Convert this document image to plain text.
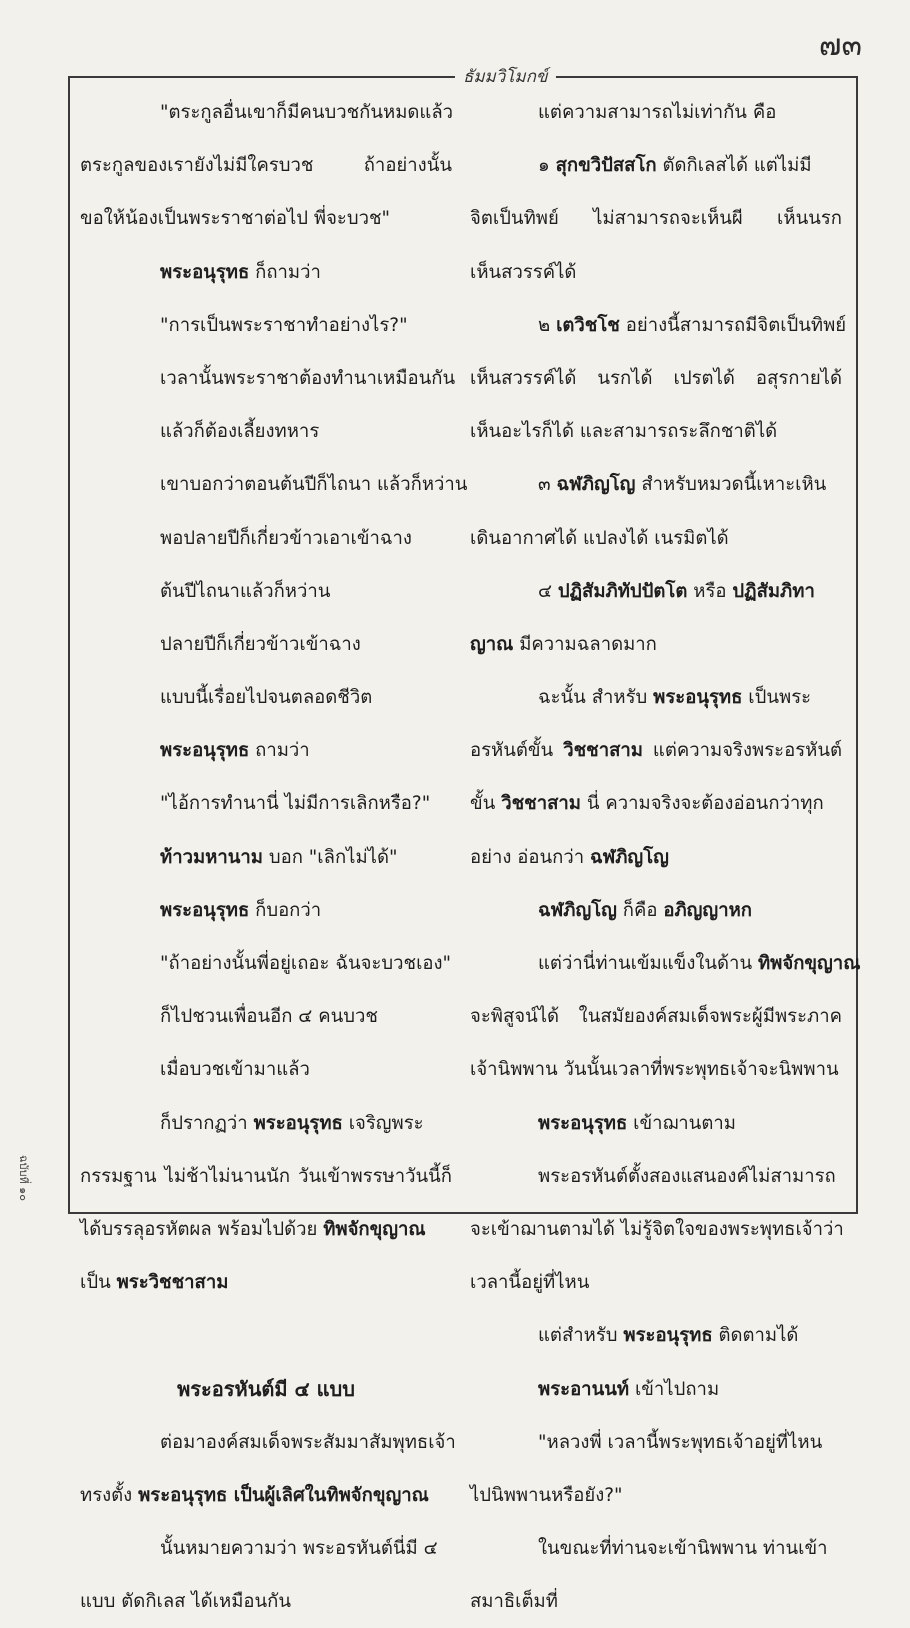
๗๓
ธัมมวิโมกข์
"ตระกูลอื่นเขาก็มีคนบวชกันหมดแล้ว
ตระกูลของเรายังไม่มีใครบวช ถ้าอย่างนั้น
ขอให้น้องเป็นพระราชาต่อไป พี่จะบวช"
พระอนุรุทธ ก็ถามว่า
"การเป็นพระราชาทำอย่างไร?"
เวลานั้นพระราชาต้องทำนาเหมือนกัน
แล้วก็ต้องเลี้ยงทหาร
เขาบอกว่าตอนต้นปีก็ไถนา แล้วก็หว่าน
พอปลายปีก็เกี่ยวข้าวเอาเข้าฉาง
ต้นปีไถนาแล้วก็หว่าน
ปลายปีก็เกี่ยวข้าวเข้าฉาง
แบบนี้เรื่อยไปจนตลอดชีวิต
พระอนุรุทธ ถามว่า
"ไอ้การทำนานี่ ไม่มีการเลิกหรือ?"
ท้าวมหานาม บอก "เลิกไม่ได้"
พระอนุรุทธ ก็บอกว่า
"ถ้าอย่างนั้นพี่อยู่เถอะ ฉันจะบวชเอง"
ก็ไปชวนเพื่อนอีก ๔ คนบวช
เมื่อบวชเข้ามาแล้ว
ก็ปรากฏว่า พระอนุรุทธ เจริญพระ
กรรมฐาน ไม่ช้าไม่นานนัก วันเข้าพรรษาวันนี้ก็
ได้บรรลุอรหัตผล พร้อมไปด้วย ทิพจักขุญาณ
เป็น พระวิชชาสาม
พระอรหันต์มี ๔ แบบ
ต่อมาองค์สมเด็จพระสัมมาสัมพุทธเจ้า
ทรงตั้ง พระอนุรุทธ เป็นผู้เลิศในทิพจักขุญาณ
นั้นหมายความว่า พระอรหันต์นี่มี ๔
แบบ ตัดกิเลส ได้เหมือนกัน
แต่ความสามารถไม่เท่ากัน คือ
๑ สุกขวิปัสสโก ตัดกิเลสได้ แต่ไม่มี
จิตเป็นทิพย์ ไม่สามารถจะเห็นผี เห็นนรก
เห็นสวรรค์ได้
๒ เตวิชโช อย่างนี้สามารถมีจิตเป็นทิพย์
เห็นสวรรค์ได้ นรกได้ เปรตได้ อสุรกายได้
เห็นอะไรก็ได้ และสามารถระลึกชาติได้
๓ ฉฬภิญโญ สำหรับหมวดนี้เหาะเหิน
เดินอากาศได้ แปลงได้ เนรมิตได้
๔ ปฏิสัมภิทัปปัตโต หรือ ปฏิสัมภิทา
ญาณ มีความฉลาดมาก
ฉะนั้น สำหรับ พระอนุรุทธ เป็นพระ
อรหันต์ขั้น วิชชาสาม แต่ความจริงพระอรหันต์
ขั้น วิชชาสาม นี่ ความจริงจะต้องอ่อนกว่าทุก
อย่าง อ่อนกว่า ฉฬภิญโญ
ฉฬภิญโญ ก็คือ อภิญญาหก
แต่ว่านี่ท่านเข้มแข็งในด้าน ทิพจักขุญาณ
จะพิสูจน์ได้ ในสมัยองค์สมเด็จพระผู้มีพระภาค
เจ้านิพพาน วันนั้นเวลาที่พระพุทธเจ้าจะนิพพาน
พระอนุรุทธ เข้าฌานตาม
พระอรหันต์ตั้งสองแสนองค์ไม่สามารถ
จะเข้าฌานตามได้ ไม่รู้จิตใจของพระพุทธเจ้าว่า
เวลานี้อยู่ที่ไหน
แต่สำหรับ พระอนุรุทธ ติดตามได้
พระอานนท์ เข้าไปถาม
"หลวงพี่ เวลานี้พระพุทธเจ้าอยู่ที่ไหน
ไปนิพพานหรือยัง?"
ในขณะที่ท่านจะเข้านิพพาน ท่านเข้า
สมาธิเต็มที่
ฉบับที่ ๑๐
